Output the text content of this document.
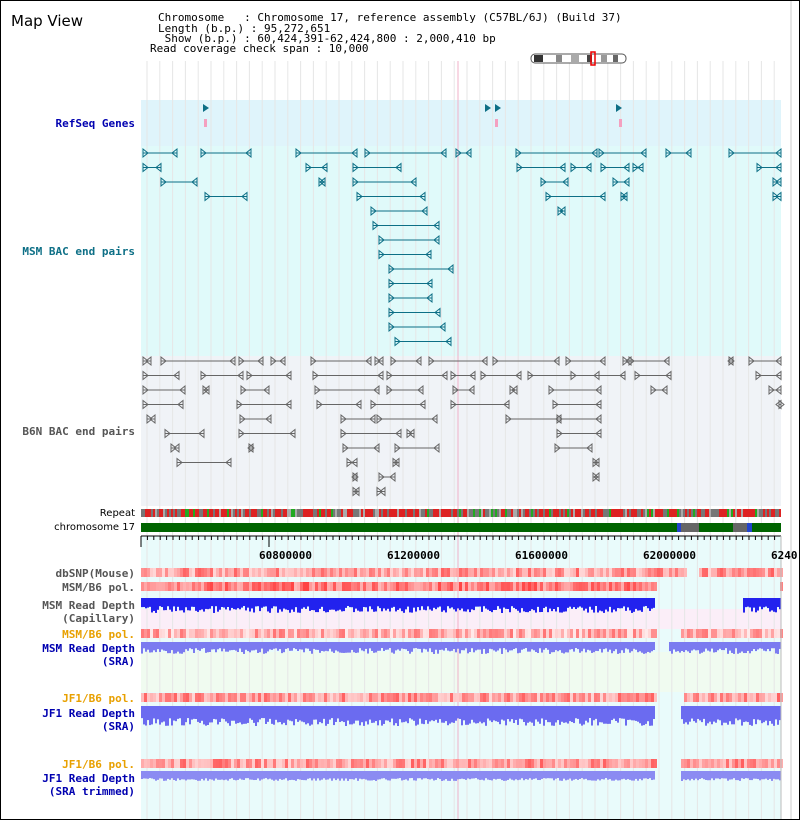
Map View	Chromosome   : Chromosome 17, reference assembly (C57BL/6J) (Build 37)
Length (b.p.) : 95,272,651
Show (b.p.) : 60,424,391-62,424,800 : 2,000,410 bp
Read coverage check span : 10,000
RefSeq Genes
MSM BAC end pairs
B6N BAC end pairs
Repeat
chromosome 17
dbSNP(Mouse)
MSM/B6 pol.
MSM Read Depth
(Capillary)
MSM/B6 pol.
MSM Read Depth
(SRA)
JF1/B6 pol.
JF1 Read Depth
(SRA)
JF1/B6 pol.
JF1 Read Depth
(SRA trimmed)
60800000	61200000	61600000	62000000	6240
